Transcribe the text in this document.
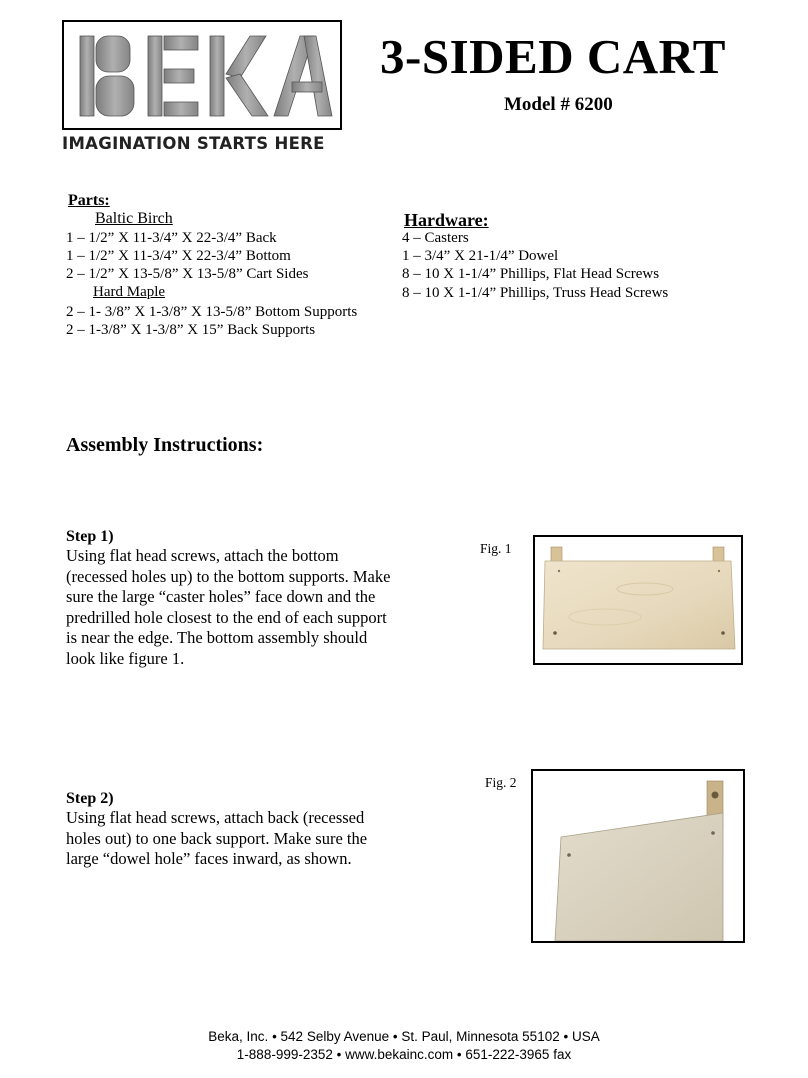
IMAGINATION STARTS HERE
3-SIDED CART
Model # 6200
Parts:
Baltic Birch
1 – 1/2” X 11-3/4” X 22-3/4” Back
1 – 1/2” X 11-3/4” X 22-3/4” Bottom
2 – 1/2” X 13-5/8” X 13-5/8” Cart Sides
Hard Maple
2 – 1- 3/8” X 1-3/8” X 13-5/8” Bottom Supports
2 – 1-3/8” X 1-3/8” X 15” Back Supports
Hardware:
4 – Casters
1 – 3/4” X 21-1/4” Dowel
8 – 10 X 1-1/4” Phillips, Flat Head Screws
8 – 10 X 1-1/4” Phillips, Truss Head Screws
Assembly Instructions:
Step 1)
Using flat head screws, attach the bottom
(recessed holes up) to the bottom supports. Make
sure the large “caster holes” face down and the
predrilled hole closest to the end of each support
is near the edge. The bottom assembly should
look like figure 1.
Fig. 1
Fig. 2
Step 2)
Using flat head screws, attach back (recessed
holes out) to one back support. Make sure the
large “dowel hole” faces inward, as shown.
Beka, Inc. • 542 Selby Avenue • St. Paul, Minnesota 55102 • USA
1-888-999-2352 • www.bekainc.com • 651-222-3965 fax
